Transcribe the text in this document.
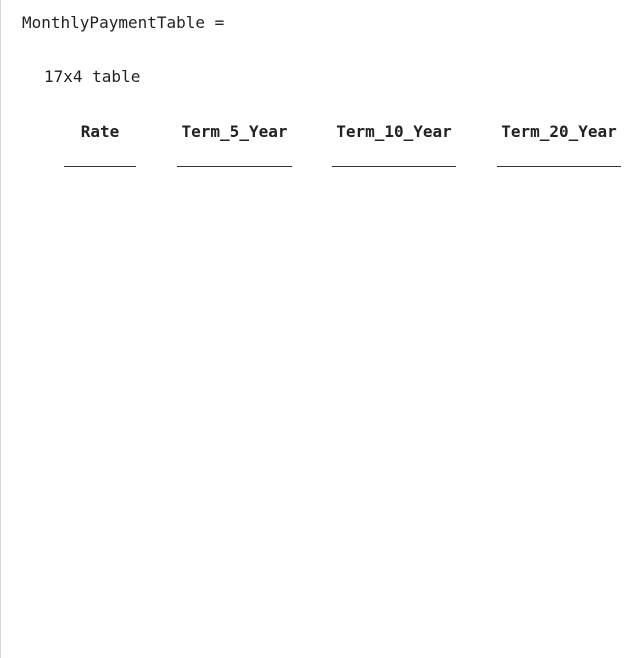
MonthlyPaymentTable =
17x4 table
Rate	Term_5_Year	Term_10_Year	Term_20_Year
